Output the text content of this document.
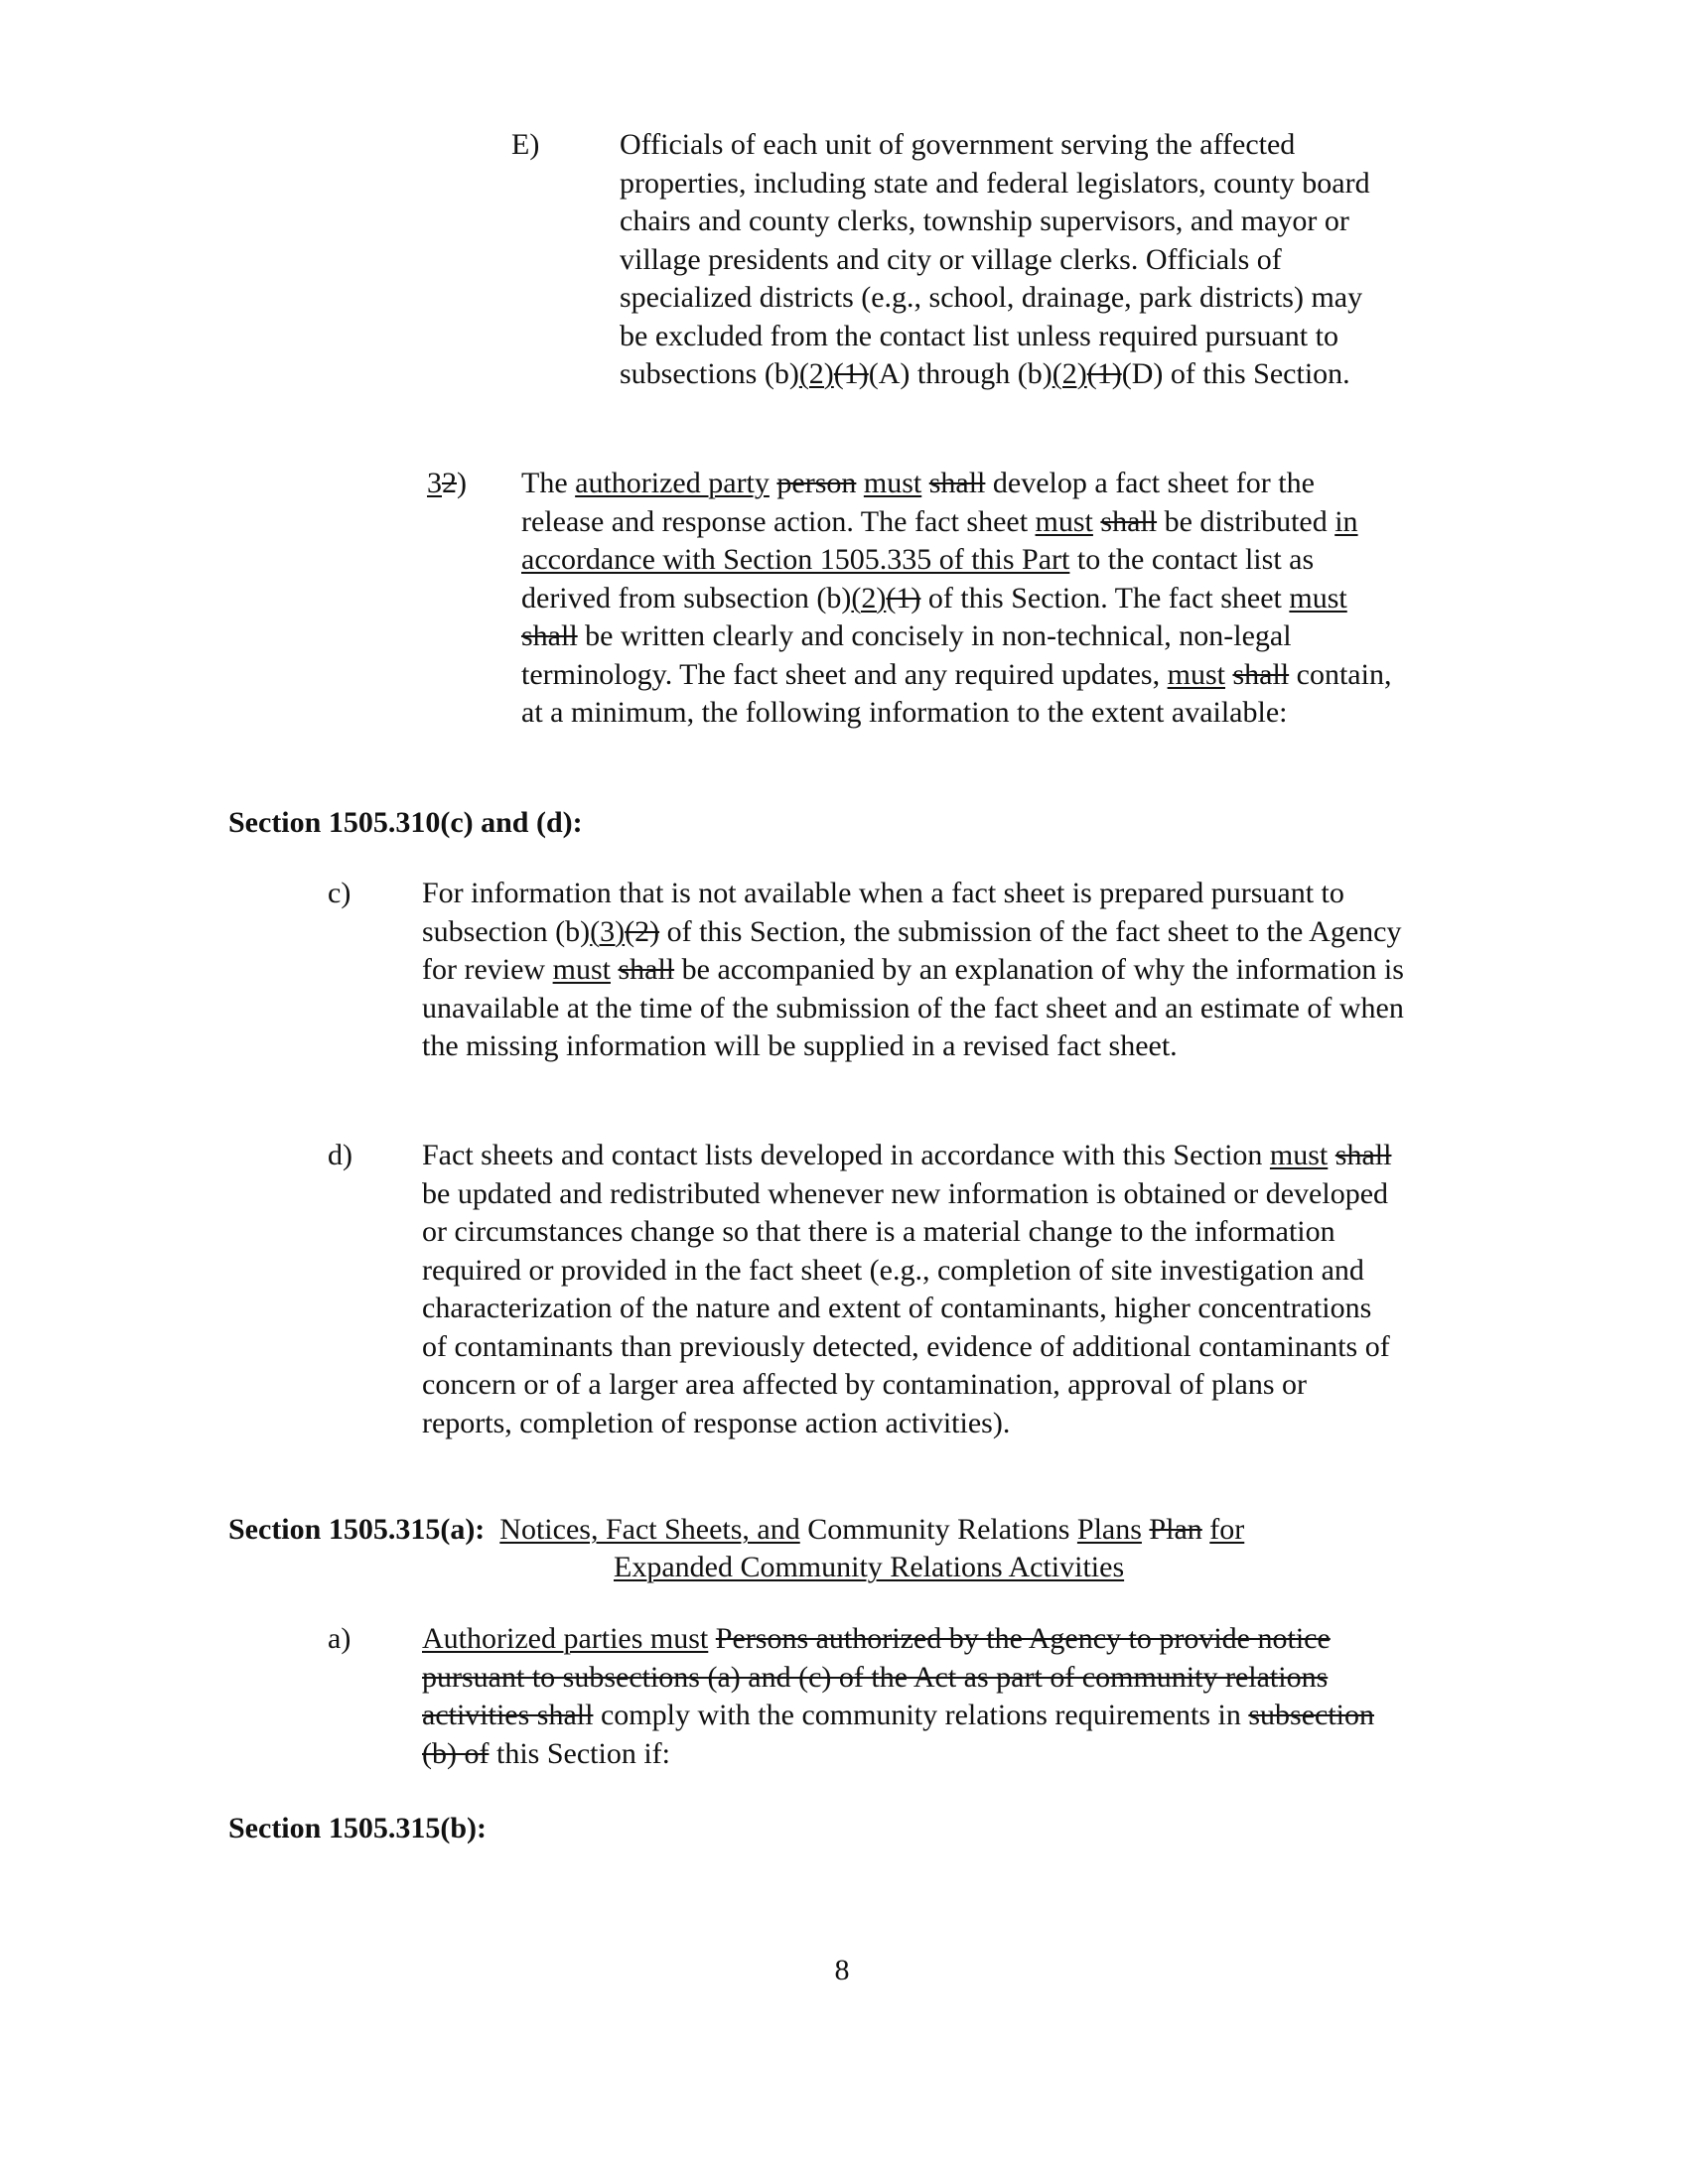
E)	Officials of each unit of government serving the affected properties, including state and federal legislators, county board chairs and county clerks, township supervisors, and mayor or village presidents and city or village clerks. Officials of specialized districts (e.g., school, drainage, park districts) may be excluded from the contact list unless required pursuant to subsections (b)(2)(1)(A) through (b)(2)(1)(D) of this Section.
32) The authorized party person must shall develop a fact sheet for the release and response action. The fact sheet must shall be distributed in accordance with Section 1505.335 of this Part to the contact list as derived from subsection (b)(2)(1) of this Section. The fact sheet must shall be written clearly and concisely in non-technical, non-legal terminology. The fact sheet and any required updates, must shall contain, at a minimum, the following information to the extent available:
Section 1505.310(c) and (d):
c) For information that is not available when a fact sheet is prepared pursuant to subsection (b)(3)(2) of this Section, the submission of the fact sheet to the Agency for review must shall be accompanied by an explanation of why the information is unavailable at the time of the submission of the fact sheet and an estimate of when the missing information will be supplied in a revised fact sheet.
d) Fact sheets and contact lists developed in accordance with this Section must shall be updated and redistributed whenever new information is obtained or developed or circumstances change so that there is a material change to the information required or provided in the fact sheet (e.g., completion of site investigation and characterization of the nature and extent of contaminants, higher concentrations of contaminants than previously detected, evidence of additional contaminants of concern or of a larger area affected by contamination, approval of plans or reports, completion of response action activities).
Section 1505.315(a): Notices, Fact Sheets, and Community Relations Plans Plan for
Expanded Community Relations Activities
a) Authorized parties must Persons authorized by the Agency to provide notice pursuant to subsections (a) and (c) of the Act as part of community relations activities shall comply with the community relations requirements in subsection (b) of this Section if:
Section 1505.315(b):
8
